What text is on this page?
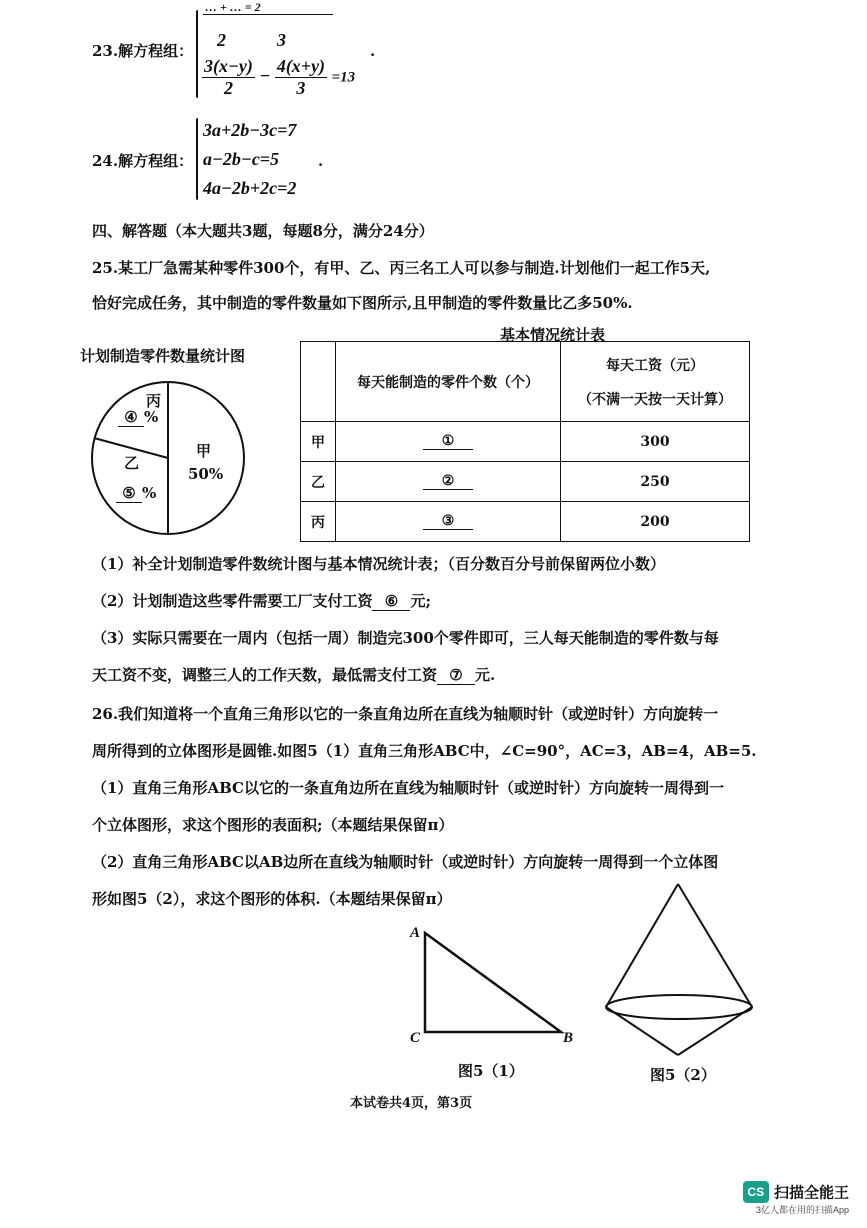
23.解方程组：
… + … = 2
2	3
$\frac{3(x-y)}{2} - \frac{4(x+y)}{3} =13$
.
24.解方程组：
3a+2b−3c=7
a−2b−c=5
4a−2b+2c=2
.
四、解答题（本大题共3题，每题8分，满分24分）
25.某工厂急需某种零件300个，有甲、乙、丙三名工人可以参与制造.计划他们一起工作5天,
恰好完成任务，其中制造的零件数量如下图所示,且甲制造的零件数量比乙多50%.
计划制造零件数量统计图
丙
④ %
乙
⑤ %
甲
50%
基本情况统计表
	每天能制造的零件个数（个）	每天工资（元）
（不满一天按一天计算）

甲	①	300
乙	②	250
丙	③	200
（1）补全计划制造零件数统计图与基本情况统计表；（百分数百分号前保留两位小数）
（2）计划制造这些零件需要工厂支付工资 ⑥ 元;
（3）实际只需要在一周内（包括一周）制造完300个零件即可，三人每天能制造的零件数与每
天工资不变，调整三人的工作天数，最低需支付工资 ⑦ 元.
26.我们知道将一个直角三角形以它的一条直角边所在直线为轴顺时针（或逆时针）方向旋转一
周所得到的立体图形是圆锥.如图5（1）直角三角形ABC中，∠C=90°，AC=3，AB=4，AB=5.
（1）直角三角形ABC以它的一条直角边所在直线为轴顺时针（或逆时针）方向旋转一周得到一
个立体图形，求这个图形的表面积;（本题结果保留π）
（2）直角三角形ABC以AB边所在直线为轴顺时针（或逆时针）方向旋转一周得到一个立体图
形如图5（2），求这个图形的体积.（本题结果保留π）
A
C	B
图5（1）	图5（2）
本试卷共4页，第3页
CS 扫描全能王
3亿人都在用的扫描App
